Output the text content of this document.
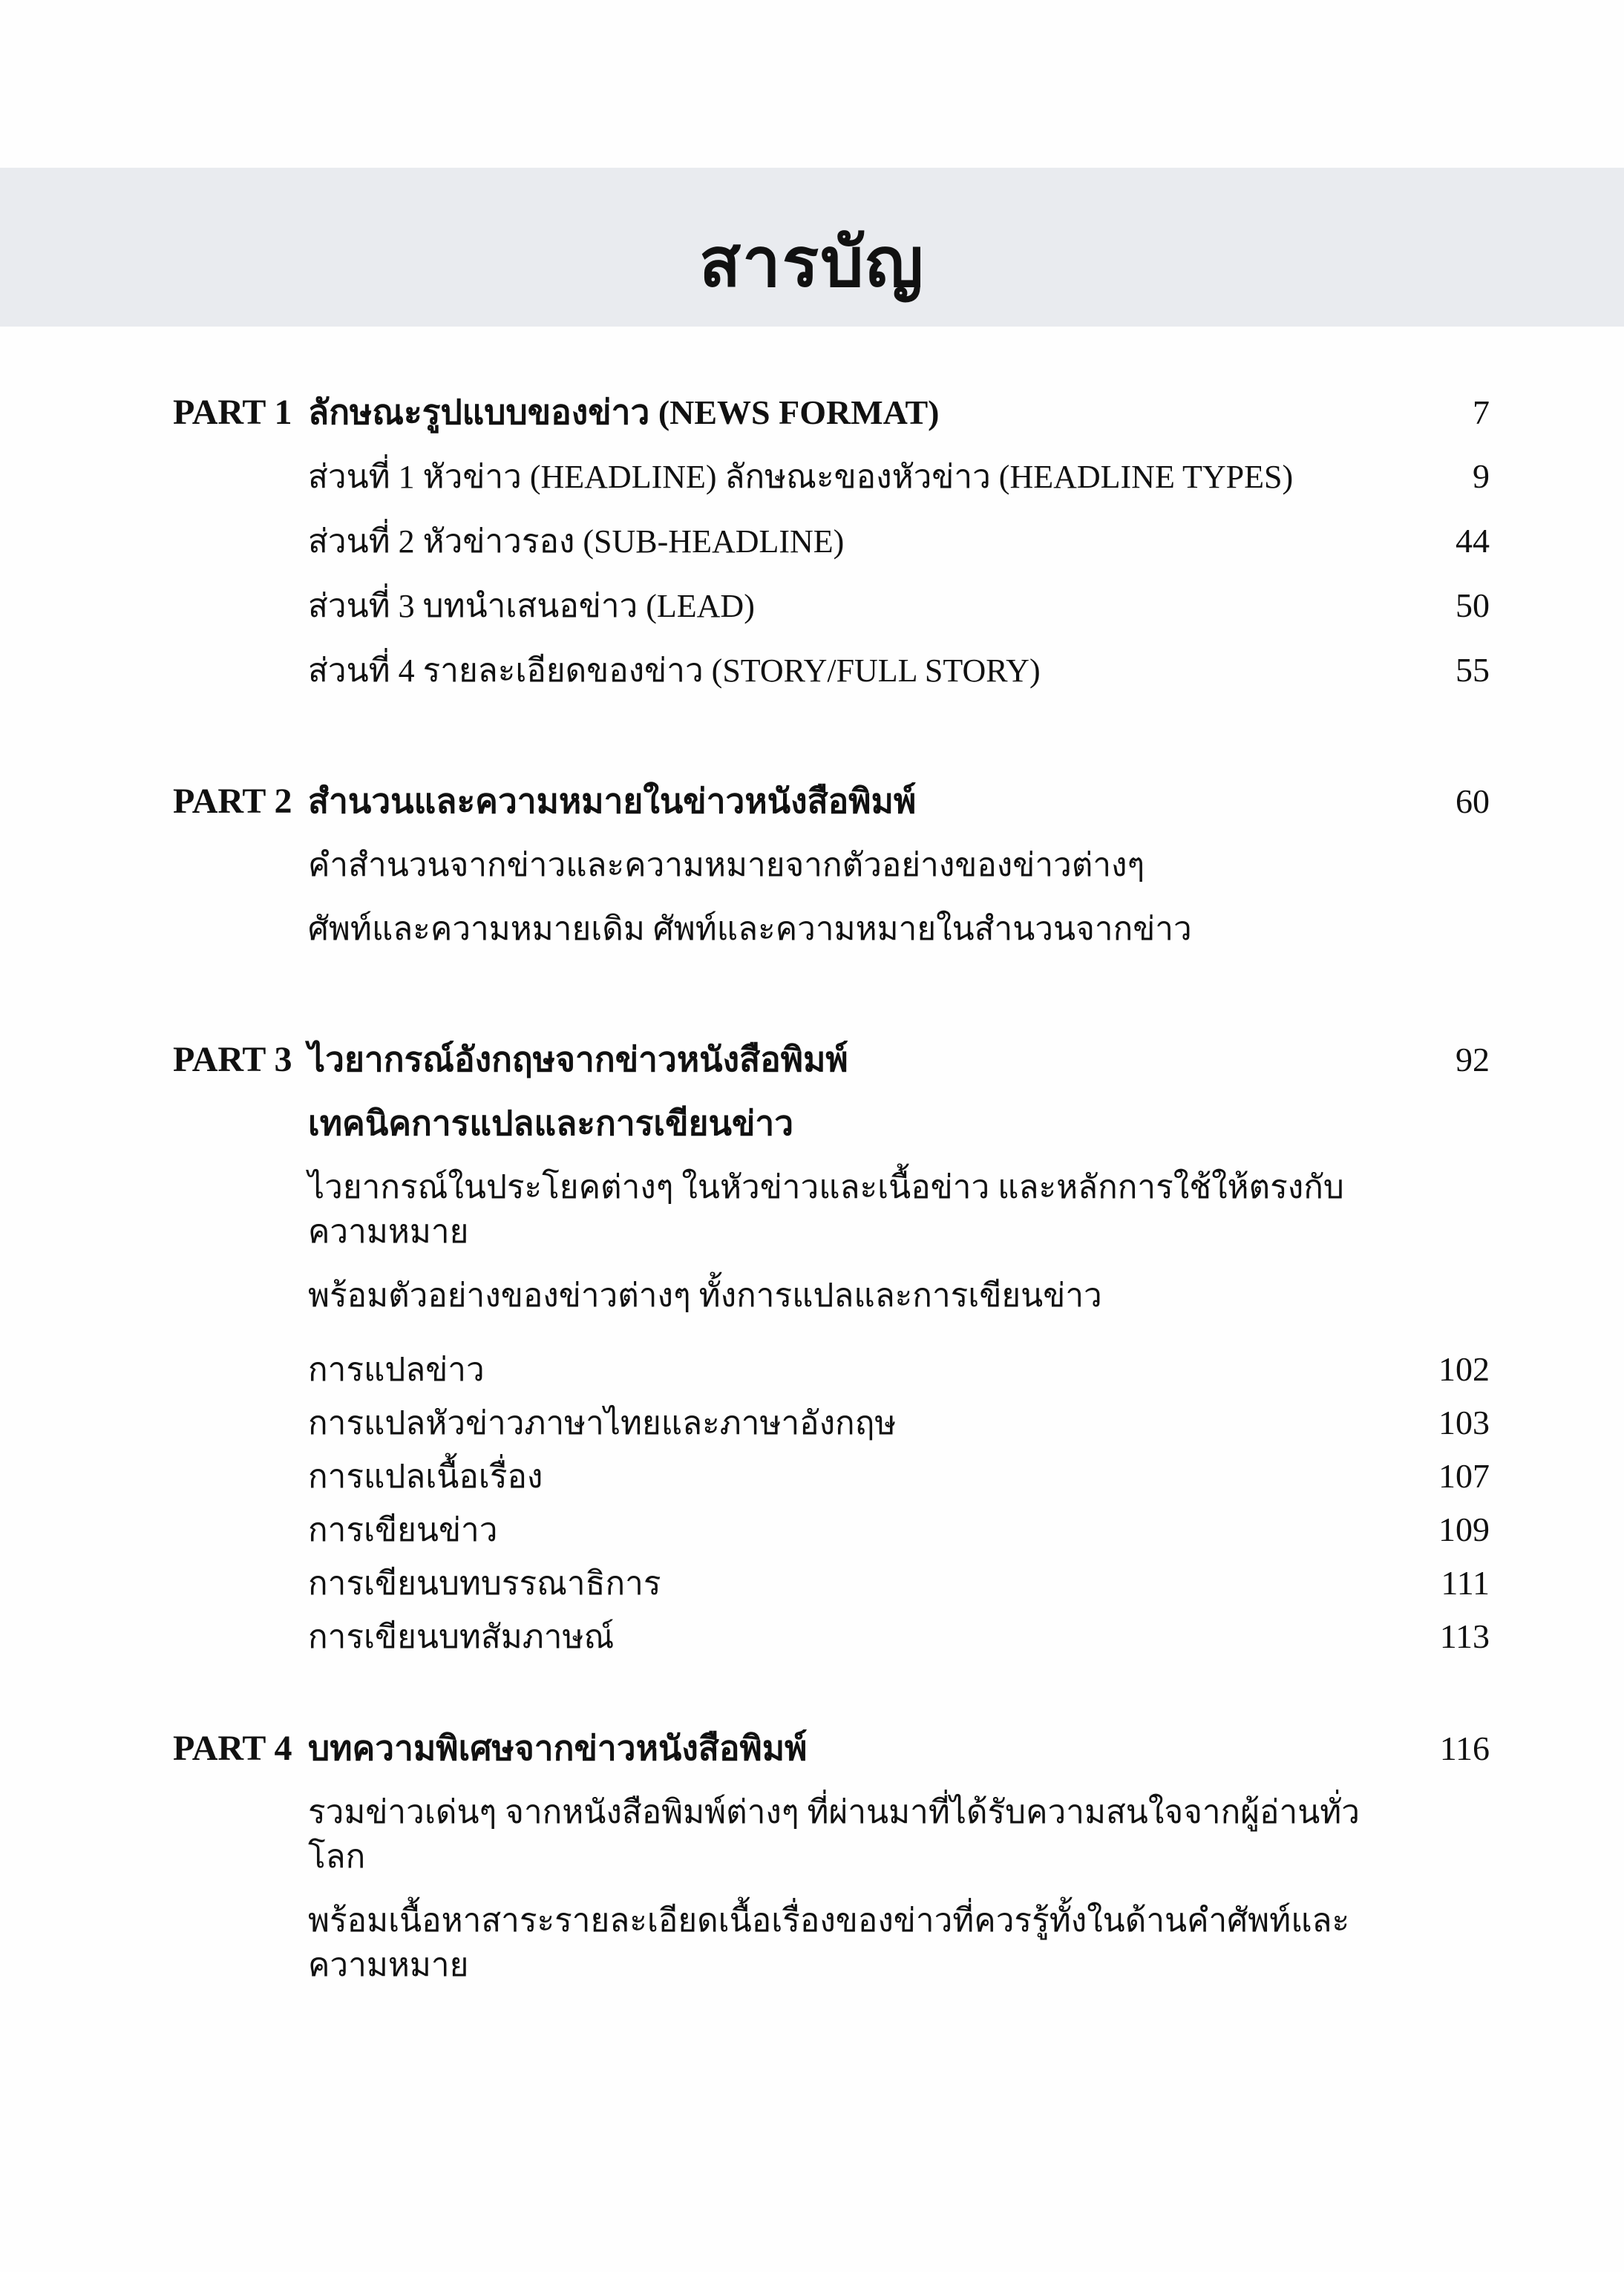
สารบัญ
PART 1 ลักษณะรูปแบบของข่าว (NEWS FORMAT)	7
ส่วนที่ 1 หัวข่าว (HEADLINE) ลักษณะของหัวข่าว (HEADLINE TYPES)	9
ส่วนที่ 2 หัวข่าวรอง (SUB-HEADLINE)	44
ส่วนที่ 3 บทนำเสนอข่าว (LEAD)	50
ส่วนที่ 4 รายละเอียดของข่าว (STORY/FULL STORY)	55
PART 2 สำนวนและความหมายในข่าวหนังสือพิมพ์	60
คำสำนวนจากข่าวและความหมายจากตัวอย่างของข่าวต่างๆ
ศัพท์และความหมายเดิม ศัพท์และความหมายในสำนวนจากข่าว
PART 3 ไวยากรณ์อังกฤษจากข่าวหนังสือพิมพ์	92
เทคนิคการแปลและการเขียนข่าว
ไวยากรณ์ในประโยคต่างๆ ในหัวข่าวและเนื้อข่าว และหลักการใช้ให้ตรงกับความหมาย
พร้อมตัวอย่างของข่าวต่างๆ ทั้งการแปลและการเขียนข่าว
การแปลข่าว	102
การแปลหัวข่าวภาษาไทยและภาษาอังกฤษ	103
การแปลเนื้อเรื่อง	107
การเขียนข่าว	109
การเขียนบทบรรณาธิการ	111
การเขียนบทสัมภาษณ์	113
PART 4 บทความพิเศษจากข่าวหนังสือพิมพ์	116
รวมข่าวเด่นๆ จากหนังสือพิมพ์ต่างๆ ที่ผ่านมาที่ได้รับความสนใจจากผู้อ่านทั่วโลก
พร้อมเนื้อหาสาระรายละเอียดเนื้อเรื่องของข่าวที่ควรรู้ทั้งในด้านคำศัพท์และความหมาย
